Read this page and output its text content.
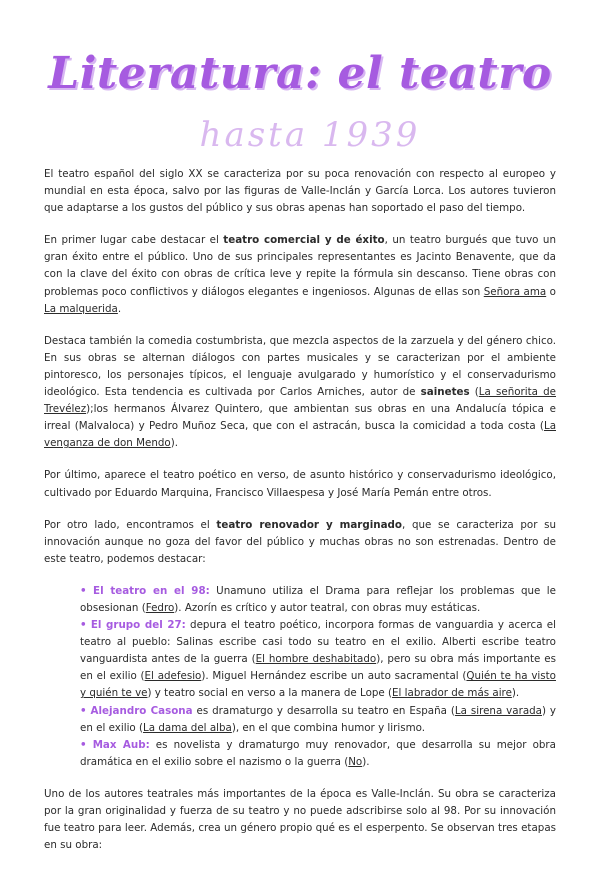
Literatura: el teatro
hasta 1939

El teatro español del siglo XX se caracteriza por su poca renovación con respecto al europeo y mundial en esta época, salvo por las figuras de Valle-Inclán y García Lorca. Los autores tuvieron que adaptarse a los gustos del público y sus obras apenas han soportado el paso del tiempo.

En primer lugar cabe destacar el teatro comercial y de éxito, un teatro burgués que tuvo un gran éxito entre el público. Uno de sus principales representantes es Jacinto Benavente, que da con la clave del éxito con obras de crítica leve y repite la fórmula sin descanso. Tiene obras con problemas poco conflictivos y diálogos elegantes e ingeniosos. Algunas de ellas son Señora ama o La malquerida.

Destaca también la comedia costumbrista, que mezcla aspectos de la zarzuela y del género chico. En sus obras se alternan diálogos con partes musicales y se caracterizan por el ambiente pintoresco, los personajes típicos, el lenguaje avulgarado y humorístico y el conservadurismo ideológico. Esta tendencia es cultivada por Carlos Arniches, autor de sainetes (La señorita de Trevélez);los hermanos Álvarez Quintero, que ambientan sus obras en una Andalucía tópica e irreal (Malvaloca) y Pedro Muñoz Seca, que con el astracán, busca la comicidad a toda costa (La venganza de don Mendo).

Por último, aparece el teatro poético en verso, de asunto histórico y conservadurismo ideológico, cultivado por Eduardo Marquina, Francisco Villaespesa y José María Pemán entre otros.

Por otro lado, encontramos el teatro renovador y marginado, que se caracteriza por su innovación aunque no goza del favor del público y muchas obras no son estrenadas. Dentro de este teatro, podemos destacar:

• El teatro en el 98: Unamuno utiliza el Drama para reflejar los problemas que le obsesionan (Fedro). Azorín es crítico y autor teatral, con obras muy estáticas.
• El grupo del 27: depura el teatro poético, incorpora formas de vanguardia y acerca el teatro al pueblo: Salinas escribe casi todo su teatro en el exilio. Alberti escribe teatro vanguardista antes de la guerra (El hombre deshabitado), pero su obra más importante es en el exilio (El adefesio). Miguel Hernández escribe un auto sacramental (Quién te ha visto y quién te ve) y teatro social en verso a la manera de Lope (El labrador de más aire).
• Alejandro Casona es dramaturgo y desarrolla su teatro en España (La sirena varada) y en el exilio (La dama del alba), en el que combina humor y lirismo.
• Max Aub: es novelista y dramaturgo muy renovador, que desarrolla su mejor obra dramática en el exilio sobre el nazismo o la guerra (No).

Uno de los autores teatrales más importantes de la época es Valle-Inclán. Su obra se caracteriza por la gran originalidad y fuerza de su teatro y no puede adscribirse solo al 98. Por su innovación fue teatro para leer. Además, crea un género propio qué es el esperpento. Se observan tres etapas en su obra:
